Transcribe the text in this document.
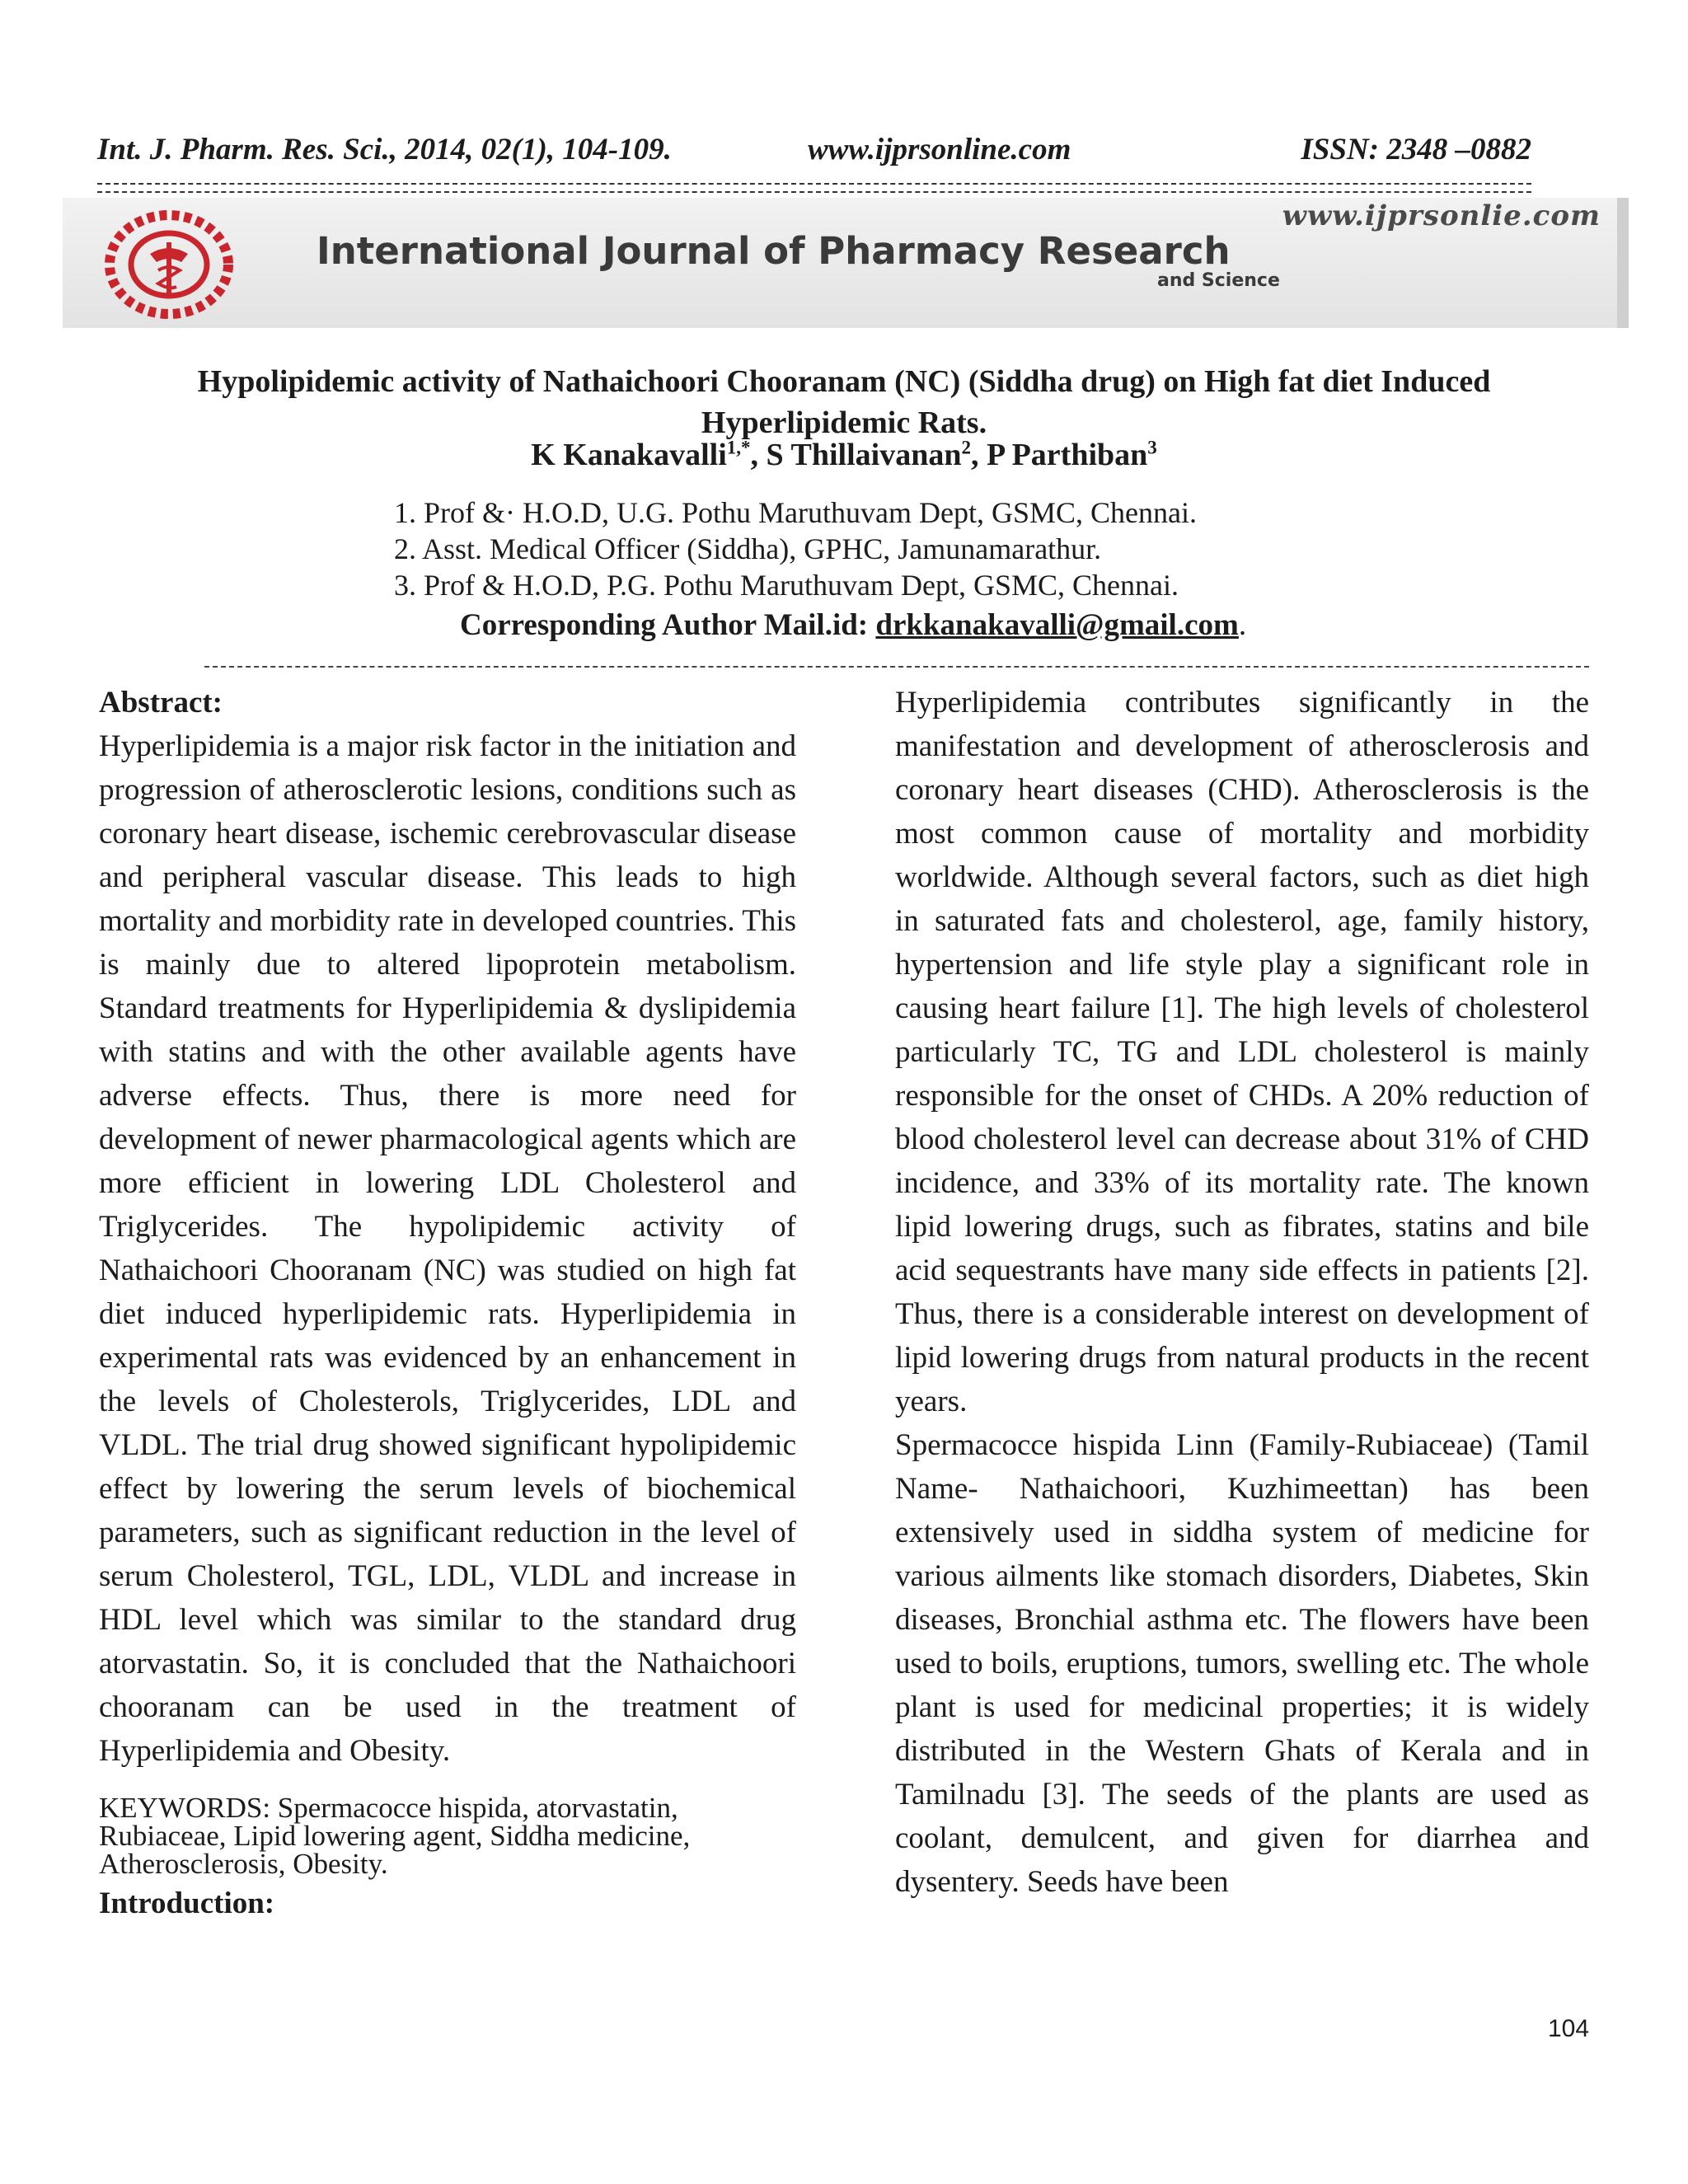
Int. J. Pharm. Res. Sci., 2014, 02(1), 104-109.	www.ijprsonline.com	ISSN: 2348 –0882
www.ijprsonlie.com
International Journal of Pharmacy Research
and Science
Hypolipidemic activity of Nathaichoori Chooranam (NC) (Siddha drug) on High fat diet Induced Hyperlipidemic Rats.
K Kanakavalli$^{1,*}$, S Thillaivanan$^2$, P Parthiban$^3$
1. Prof &· H.O.D, U.G. Pothu Maruthuvam Dept, GSMC, Chennai.
2. Asst. Medical Officer (Siddha), GPHC, Jamunamarathur.
3. Prof & H.O.D, P.G. Pothu Maruthuvam Dept, GSMC, Chennai.
Corresponding Author Mail.id: drkkanakavalli@gmail.com.
Abstract:

Hyperlipidemia is a major risk factor in the initiation and progression of atherosclerotic lesions, conditions such as coronary heart disease, ischemic cerebrovascular disease and peripheral vascular disease. This leads to high mortality and morbidity rate in developed countries. This is mainly due to altered lipoprotein metabolism. Standard treatments for Hyperlipidemia & dyslipidemia with statins and with the other available agents have adverse effects. Thus, there is more need for development of newer pharmacological agents which are more efficient in lowering LDL Cholesterol and Triglycerides. The hypolipidemic activity of Nathaichoori Chooranam (NC) was studied on high fat diet induced hyperlipidemic rats. Hyperlipidemia in experimental rats was evidenced by an enhancement in the levels of Cholesterols, Triglycerides, LDL and VLDL. The trial drug showed significant hypolipidemic effect by lowering the serum levels of biochemical parameters, such as significant reduction in the level of serum Cholesterol, TGL, LDL, VLDL and increase in HDL level which was similar to the standard drug atorvastatin. So, it is concluded that the Nathaichoori chooranam can be used in the treatment of Hyperlipidemia and Obesity.

KEYWORDS: Spermacocce hispida, atorvastatin, Rubiaceae, Lipid lowering agent, Siddha medicine, Atherosclerosis, Obesity.

Introduction:

Hyperlipidemia contributes significantly in the manifestation and development of atherosclerosis and coronary heart diseases (CHD). Atherosclerosis is the most common cause of mortality and morbidity worldwide. Although several factors, such as diet high in saturated fats and cholesterol, age, family history, hypertension and life style play a significant role in causing heart failure [1]. The high levels of cholesterol particularly TC, TG and LDL cholesterol is mainly responsible for the onset of CHDs. A 20% reduction of blood cholesterol level can decrease about 31% of CHD incidence, and 33% of its mortality rate. The known lipid lowering drugs, such as fibrates, statins and bile acid sequestrants have many side effects in patients [2]. Thus, there is a considerable interest on development of lipid lowering drugs from natural products in the recent years.

Spermacocce hispida Linn (Family-Rubiaceae) (Tamil Name- Nathaichoori, Kuzhimeettan) has been extensively used in siddha system of medicine for various ailments like stomach disorders, Diabetes, Skin diseases, Bronchial asthma etc. The flowers have been used to boils, eruptions, tumors, swelling etc. The whole plant is used for medicinal properties; it is widely distributed in the Western Ghats of Kerala and in Tamilnadu [3]. The seeds of the plants are used as coolant, demulcent, and given for diarrhea and dysentery. Seeds have been

104
